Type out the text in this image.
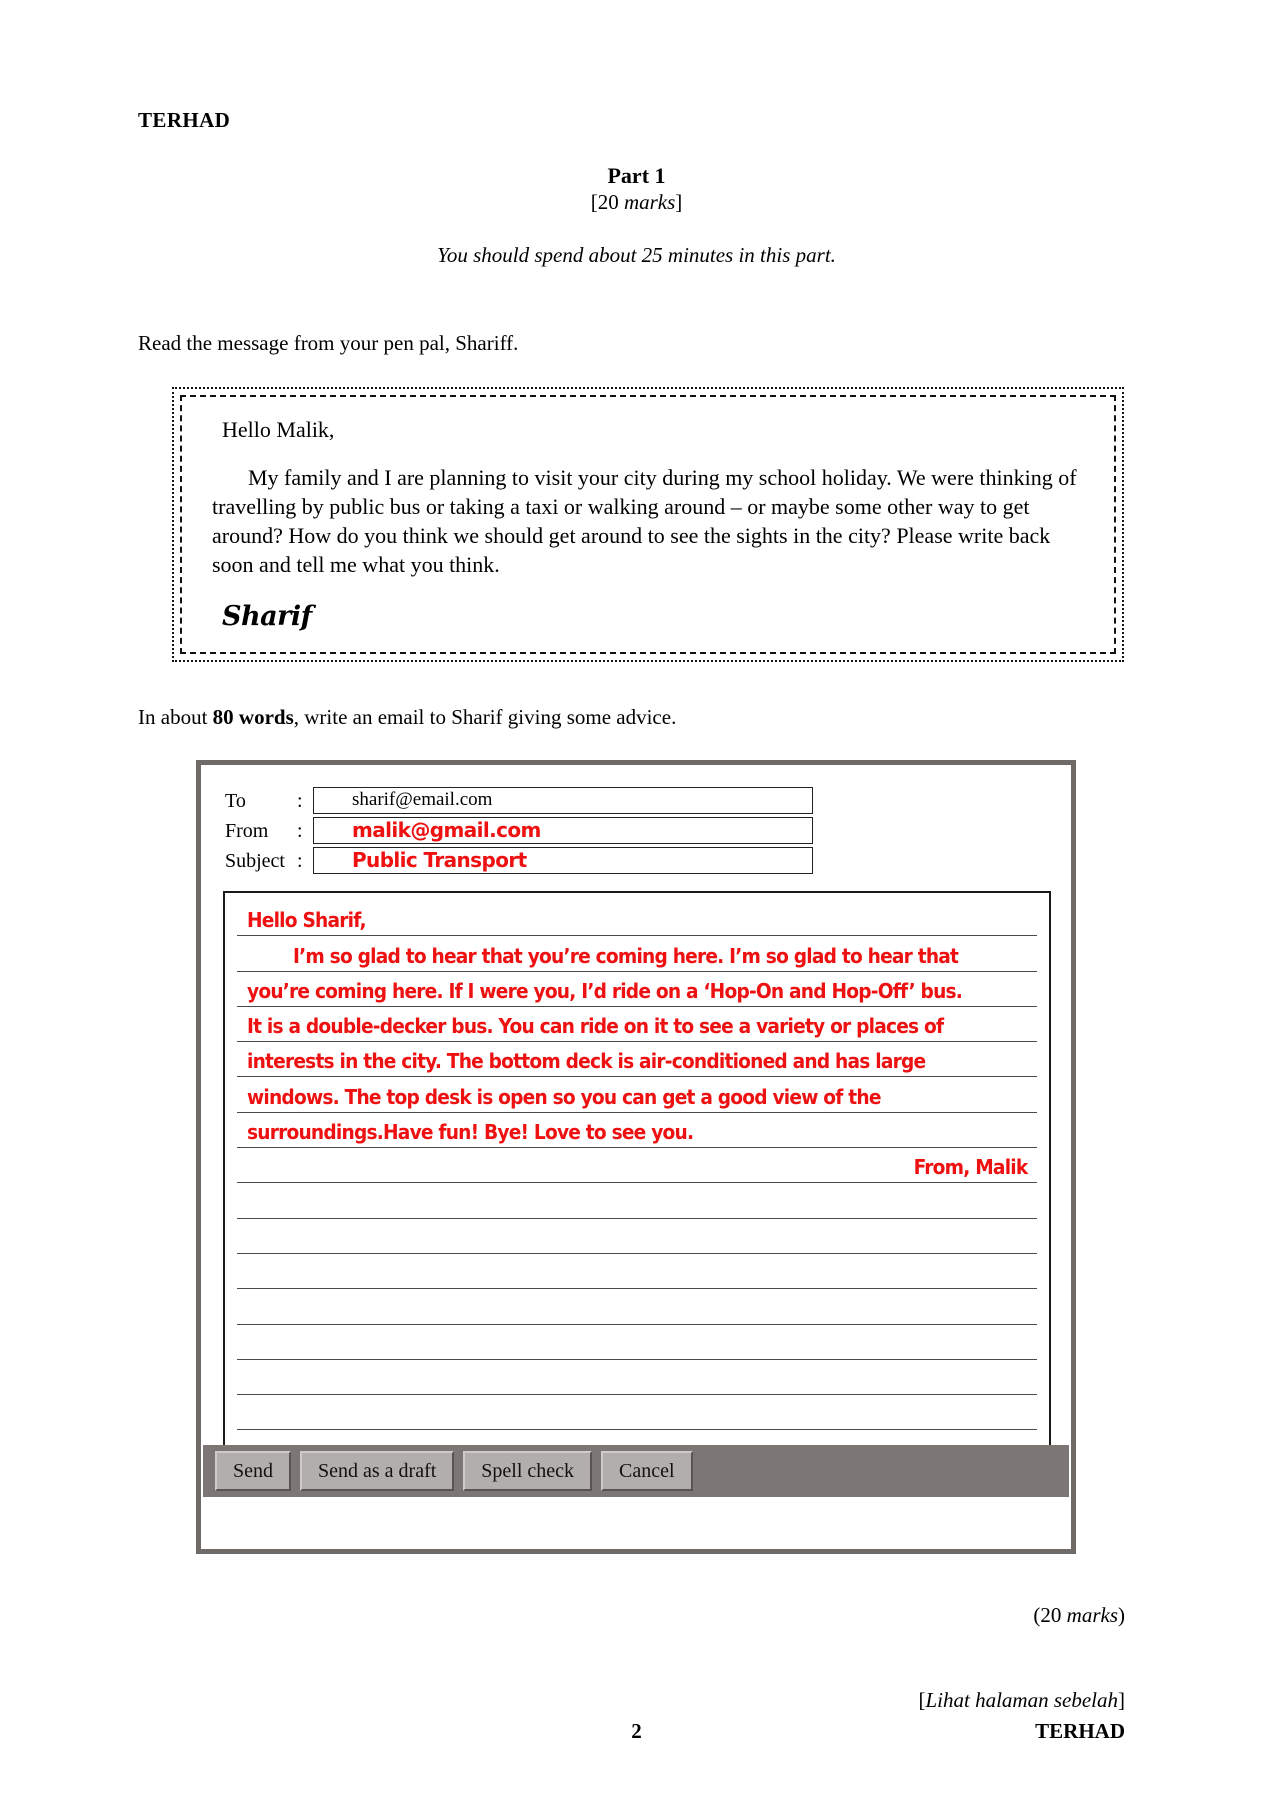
TERHAD
Part 1
[20 marks]
You should spend about 25 minutes in this part.
Read the message from your pen pal, Shariff.

Hello Malik,

My family and I are planning to visit your city during my school holiday. We were thinking of travelling by public bus or taking a taxi or walking around – or maybe some other way to get around? How do you think we should get around to see the sights in the city? Please write back soon and tell me what you think.

Sharif
In about 80 words, write an email to Sharif giving some advice.
To	:	sharif@email.com
From	:	malik@gmail.com
Subject :	Public Transport
Hello Sharif,
I’m so glad to hear that you’re coming here. I’m so glad to hear that
you’re coming here. If I were you, I’d ride on a ‘Hop-On and Hop-Off’ bus.
It is a double-decker bus. You can ride on it to see a variety or places of
interests in the city. The bottom deck is air-conditioned and has large
windows. The top desk is open so you can get a good view of the
surroundings.Have fun! Bye! Love to see you.
From, Malik
Send	Send as a draft	Spell check	Cancel
(20 marks)
[Lihat halaman sebelah]
TERHAD
2
